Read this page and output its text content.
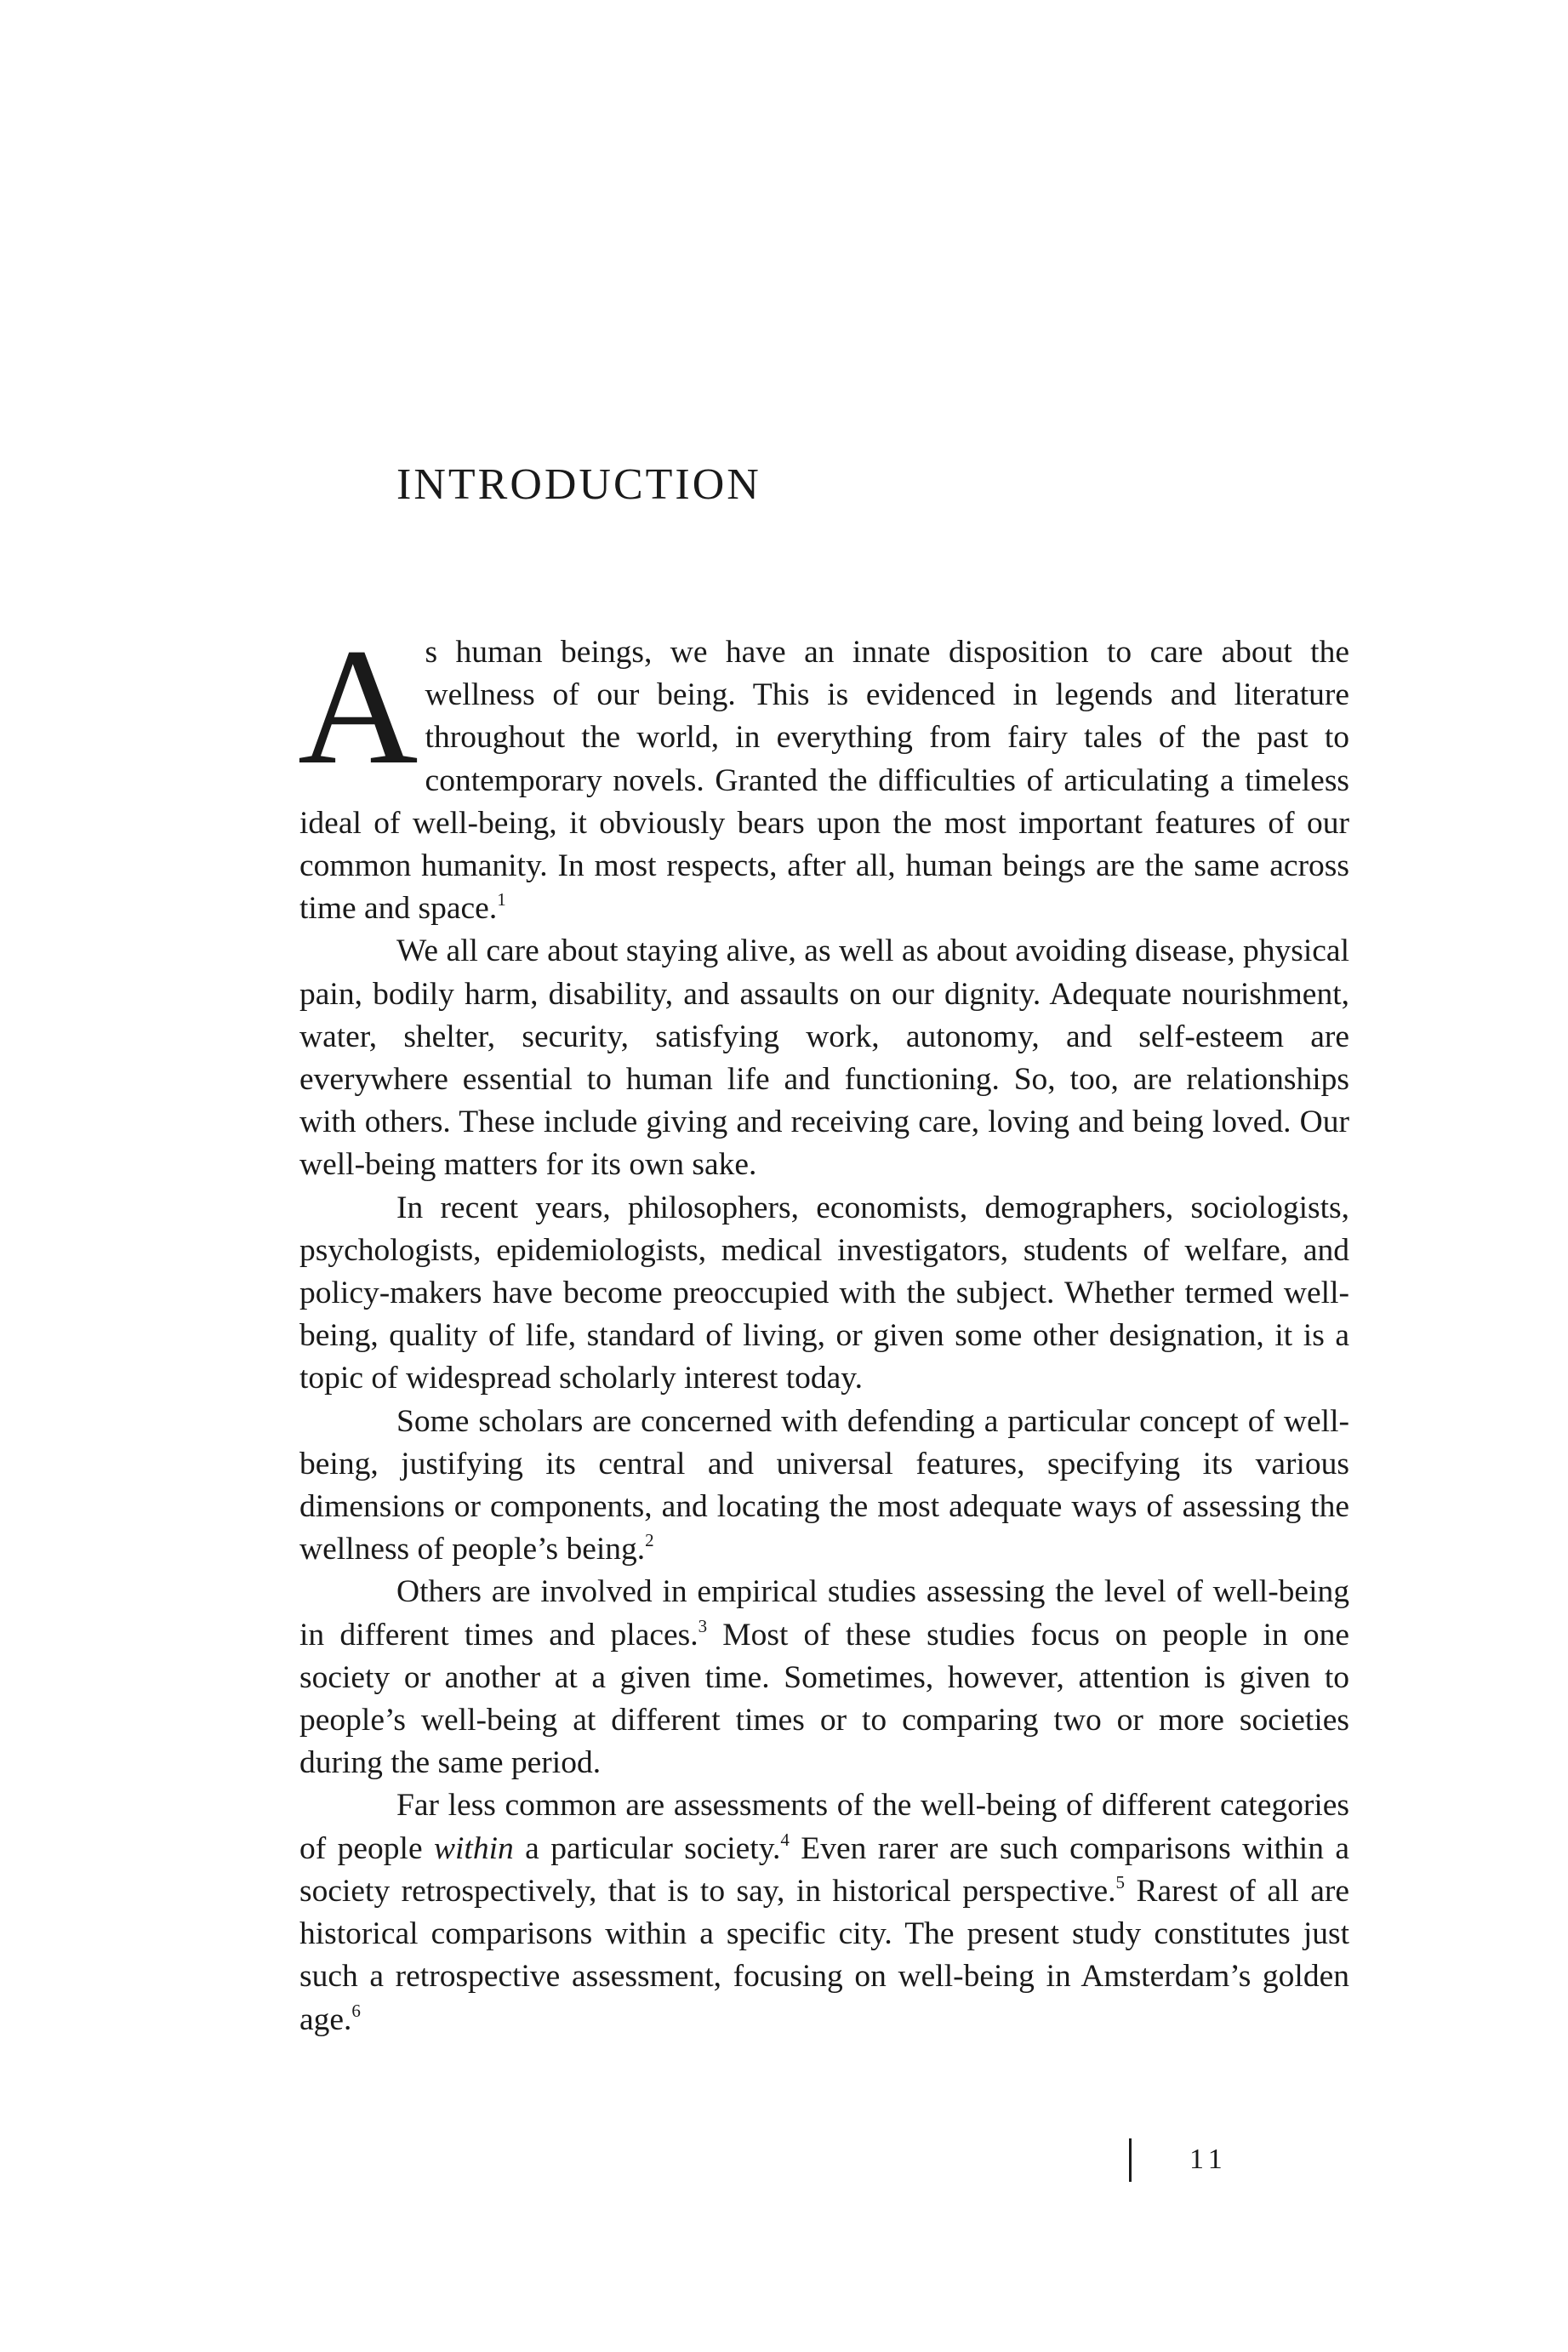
INTRODUCTION

As human beings, we have an innate disposition to care about the wellness of our being. This is evidenced in legends and literature throughout the world, in everything from fairy tales of the past to contemporary novels. Granted the difficulties of articulating a timeless ideal of well-being, it obviously bears upon the most important features of our common humanity. In most respects, after all, human beings are the same across time and space.$^1$

We all care about staying alive, as well as about avoiding disease, physical pain, bodily harm, disability, and assaults on our dignity. Adequate nourishment, water, shelter, security, satisfying work, autonomy, and self-esteem are everywhere essential to human life and functioning. So, too, are relationships with others. These include giving and receiving care, loving and being loved. Our well-being matters for its own sake.

In recent years, philosophers, economists, demographers, sociologists, psychologists, epidemiologists, medical investigators, students of welfare, and policy-makers have become preoccupied with the subject. Whether termed well-being, quality of life, standard of living, or given some other designation, it is a topic of widespread scholarly interest today.

Some scholars are concerned with defending a particular concept of well-being, justifying its central and universal features, specifying its various dimensions or components, and locating the most adequate ways of assessing the wellness of people’s being.$^2$

Others are involved in empirical studies assessing the level of well-being in different times and places.$^3$ Most of these studies focus on people in one society or another at a given time. Sometimes, however, attention is given to people’s well-being at different times or to comparing two or more societies during the same period.

Far less common are assessments of the well-being of different categories of people within a particular society.$^4$ Even rarer are such comparisons within a society retrospectively, that is to say, in historical perspective.$^5$ Rarest of all are historical comparisons within a specific city. The present study constitutes just such a retrospective assessment, focusing on well-being in Amsterdam’s golden age.$^6$

11
